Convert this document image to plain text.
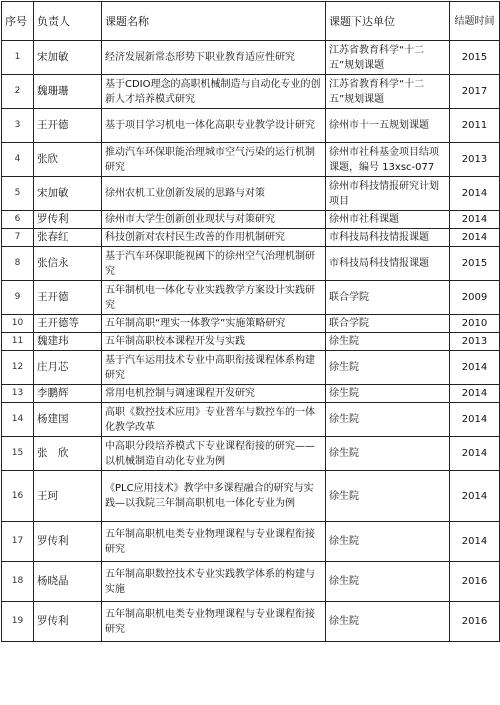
序号	负责人	课题名称	课题下达单位	结题时间
1	宋加敏	经济发展新常态形势下职业教育适应性研究	江苏省教育科学“十二五”规划课题	2015
2	魏珊珊	基于CDIO理念的高职机械制造与自动化专业的创新人才培养模式研究	江苏省教育科学“十二五”规划课题	2017
3	王开德	基于项目学习机电一体化高职专业教学设计研究	徐州市十一五规划课题	2011
4	张欣	推动汽车环保职能治理城市空气污染的运行机制研究	徐州市社科基金项目结项课题，编号 13xsc-077	2013
5	宋加敏	徐州农机工业创新发展的思路与对策	徐州市科技情报研究计划项目	2014
6	罗传利	徐州市大学生创新创业现状与对策研究	徐州市社科课题	2014
7	张春红	科技创新对农村民生改善的作用机制研究	市科技局科技情报课题	2014
8	张信永	基于汽车环保职能视阈下的徐州空气治理机制研究	市科技局科技情报课题	2015
9	王开德	五年制机电一体化专业实践教学方案设计实践研究	联合学院	2009
10	王开德等	五年制高职“理实一体教学”实施策略研究	联合学院	2010
11	魏建玮	五年制高职校本课程开发与实践	徐生院	2013
12	庄月芯	基于汽车运用技术专业中高职衔接课程体系构建研究	徐生院	2014
13	李鹏辉	常用电机控制与调速课程开发研究	徐生院	2014
14	杨建国	高职《数控技术应用》专业普车与数控车的一体化教学改革	徐生院	2014
15	张　欣	中高职分段培养模式下专业课程衔接的研究——以机械制造自动化专业为例	徐生院	2014
16	王珂	《PLC应用技术》教学中多课程融合的研究与实践—以我院三年制高职机电一体化专业为例	徐生院	2014
17	罗传利	五年制高职机电类专业物理课程与专业课程衔接研究	徐生院	2014
18	杨晓晶	五年制高职数控技术专业实践教学体系的构建与实施	徐生院	2016
19	罗传利	五年制高职机电类专业物理课程与专业课程衔接研究	徐生院	2016
